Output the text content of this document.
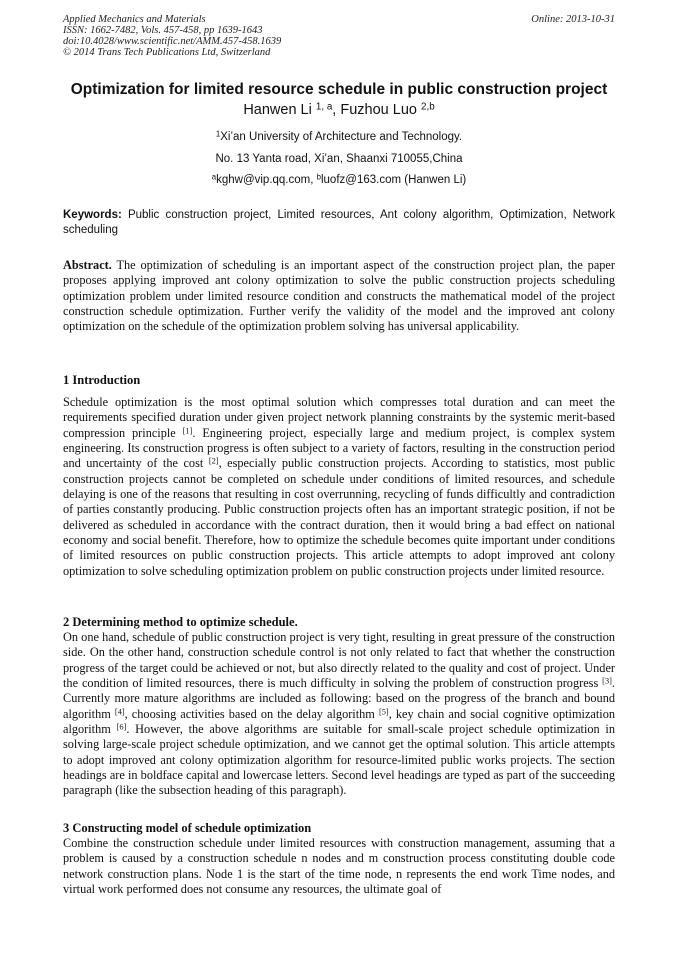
Applied Mechanics and Materials
ISSN: 1662-7482, Vols. 457-458, pp 1639-1643
doi:10.4028/www.scientific.net/AMM.457-458.1639
© 2014 Trans Tech Publications Ltd, Switzerland
Online: 2013-10-31
Optimization for limited resource schedule in public construction project
Hanwen Li $^{1, a}$, Fuzhou Luo $^{2,b}$
$^1$Xi’an University of Architecture and Technology.
No. 13 Yanta road, Xi’an, Shaanxi 710055,China
$^a$kghw@vip.qq.com, $^b$luofz@163.com (Hanwen Li)
Keywords: Public construction project, Limited resources, Ant colony algorithm, Optimization, Network scheduling
Abstract. The optimization of scheduling is an important aspect of the construction project plan, the paper proposes applying improved ant colony optimization to solve the public construction projects scheduling optimization problem under limited resource condition and constructs the mathematical model of the project construction schedule optimization. Further verify the validity of the model and the improved ant colony optimization on the schedule of the optimization problem solving has universal applicability.
1 Introduction
Schedule optimization is the most optimal solution which compresses total duration and can meet the requirements specified duration under given project network planning constraints by the systemic merit-based compression principle [1]. Engineering project, especially large and medium project, is complex system engineering. Its construction progress is often subject to a variety of factors, resulting in the construction period and uncertainty of the cost [2], especially public construction projects. According to statistics, most public construction projects cannot be completed on schedule under conditions of limited resources, and schedule delaying is one of the reasons that resulting in cost overrunning, recycling of funds difficultly and contradiction of parties constantly producing. Public construction projects often has an important strategic position, if not be delivered as scheduled in accordance with the contract duration, then it would bring a bad effect on national economy and social benefit. Therefore, how to optimize the schedule becomes quite important under conditions of limited resources on public construction projects. This article attempts to adopt improved ant colony optimization to solve scheduling optimization problem on public construction projects under limited resource.
2 Determining method to optimize schedule.
On one hand, schedule of public construction project is very tight, resulting in great pressure of the construction side. On the other hand, construction schedule control is not only related to fact that whether the construction progress of the target could be achieved or not, but also directly related to the quality and cost of project. Under the condition of limited resources, there is much difficulty in solving the problem of construction progress [3]. Currently more mature algorithms are included as following: based on the progress of the branch and bound algorithm [4], choosing activities based on the delay algorithm [5], key chain and social cognitive optimization algorithm [6]. However, the above algorithms are suitable for small-scale project schedule optimization in solving large-scale project schedule optimization, and we cannot get the optimal solution. This article attempts to adopt improved ant colony optimization algorithm for resource-limited public works projects. The section headings are in boldface capital and lowercase letters. Second level headings are typed as part of the succeeding paragraph (like the subsection heading of this paragraph).
3 Constructing model of schedule optimization
Combine the construction schedule under limited resources with construction management, assuming that a problem is caused by a construction schedule n nodes and m construction process constituting double code network construction plans. Node 1 is the start of the time node, n represents the end work Time nodes, and virtual work performed does not consume any resources, the ultimate goal of
